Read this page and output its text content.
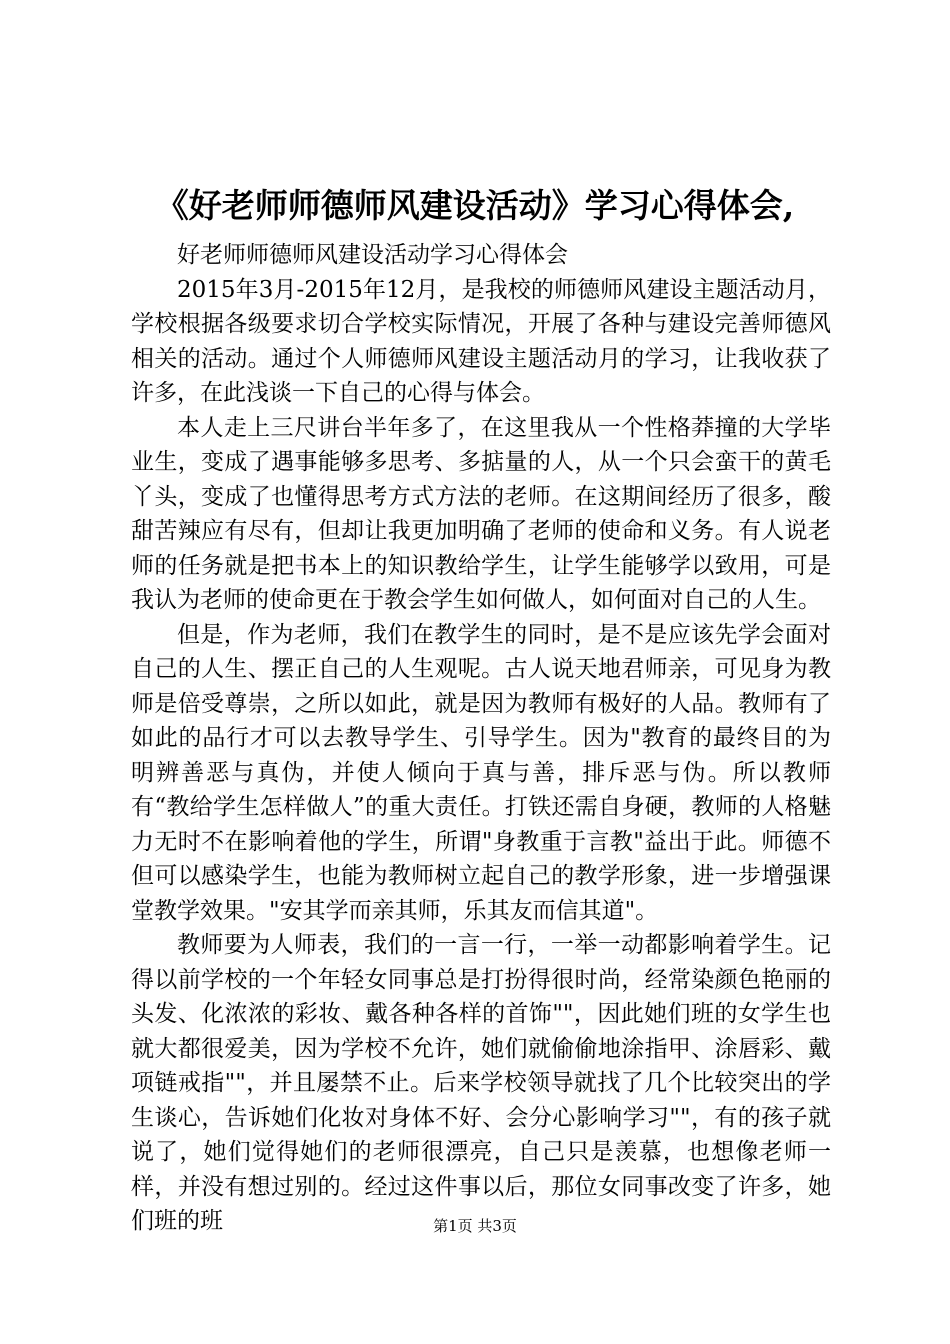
《好老师师德师风建设活动》学习心得体会,

好老师师德师风建设活动学习心得体会

2015年3月-2015年12月，是我校的师德师风建设主题活动月，学校根据各级要求切合学校实际情况，开展了各种与建设完善师德风相关的活动。通过个人师德师风建设主题活动月的学习，让我收获了许多，在此浅谈一下自己的心得与体会。

本人走上三尺讲台半年多了，在这里我从一个性格莽撞的大学毕业生，变成了遇事能够多思考、多掂量的人，从一个只会蛮干的黄毛丫头，变成了也懂得思考方式方法的老师。在这期间经历了很多，酸甜苦辣应有尽有，但却让我更加明确了老师的使命和义务。有人说老师的任务就是把书本上的知识教给学生，让学生能够学以致用，可是我认为老师的使命更在于教会学生如何做人，如何面对自己的人生。

但是，作为老师，我们在教学生的同时，是不是应该先学会面对自己的人生、摆正自己的人生观呢。古人说天地君师亲，可见身为教师是倍受尊崇，之所以如此，就是因为教师有极好的人品。教师有了如此的品行才可以去教导学生、引导学生。因为"教育的最终目的为明辨善恶与真伪，并使人倾向于真与善，排斥恶与伪。所以教师有“教给学生怎样做人”的重大责任。打铁还需自身硬，教师的人格魅力无时不在影响着他的学生，所谓"身教重于言教"益出于此。师德不但可以感染学生，也能为教师树立起自己的教学形象，进一步增强课堂教学效果。"安其学而亲其师，乐其友而信其道"。

教师要为人师表，我们的一言一行，一举一动都影响着学生。记得以前学校的一个年轻女同事总是打扮得很时尚，经常染颜色艳丽的头发、化浓浓的彩妆、戴各种各样的首饰""，因此她们班的女学生也就大都很爱美，因为学校不允许，她们就偷偷地涂指甲、涂唇彩、戴项链戒指""，并且屡禁不止。后来学校领导就找了几个比较突出的学生谈心，告诉她们化妆对身体不好、会分心影响学习""，有的孩子就说了，她们觉得她们的老师很漂亮，自己只是羡慕，也想像老师一样，并没有想过别的。经过这件事以后，那位女同事改变了许多，她们班的班	第1页 共3页
